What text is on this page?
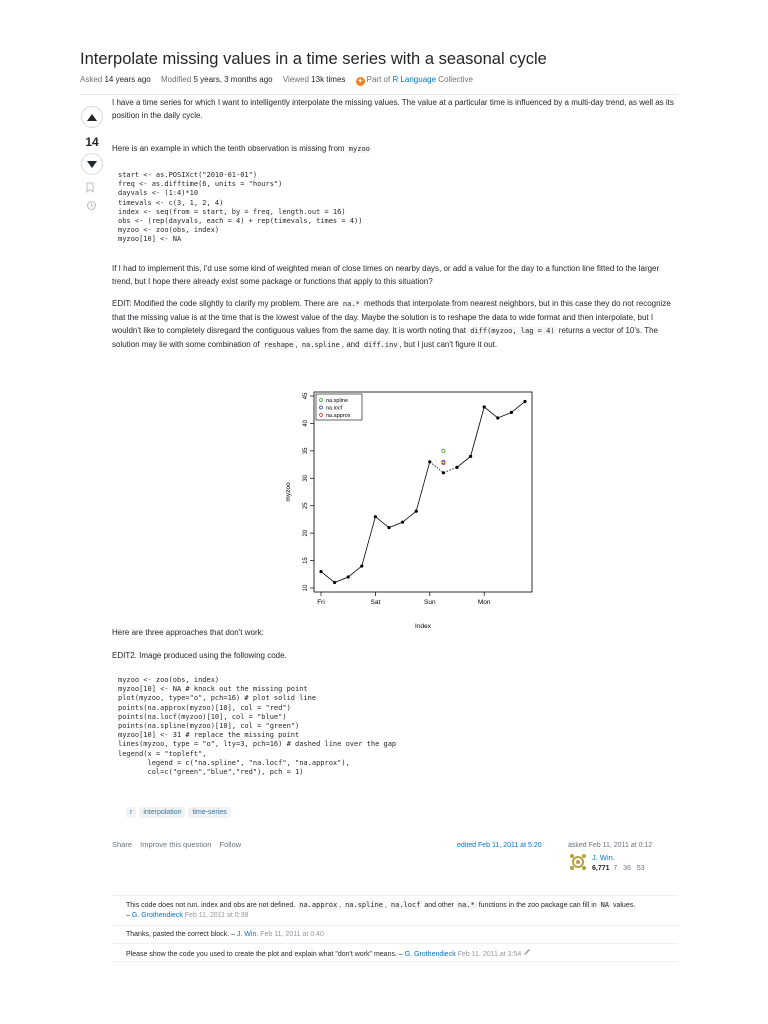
Interpolate missing values in a time series with a seasonal cycle
Asked 14 years ago Modified 5 years, 3 months ago Viewed 13k times ✦ Part of R Language Collective
14

I have a time series for which I want to intelligently interpolate the missing values. The value at a particular time is influenced by a multi-day trend, as well as its position in the daily cycle.

Here is an example in which the tenth observation is missing from myzoo

start <- as.POSIXct("2010-01-01")
freq <- as.difftime(6, units = "hours")
dayvals <- (1:4)*10
timevals <- c(3, 1, 2, 4)
index <- seq(from = start, by = freq, length.out = 16)
obs <- (rep(dayvals, each = 4) + rep(timevals, times = 4))
myzoo <- zoo(obs, index)
myzoo[10] <- NA

If I had to implement this, I'd use some kind of weighted mean of close times on nearby days, or add a value for the day to a function line fitted to the larger trend, but I hope there already exist some package or functions that apply to this situation?

EDIT: Modified the code slightly to clarify my problem. There are na.* methods that interpolate from nearest neighbors, but in this case they do not recognize that the missing value is at the time that is the lowest value of the day. Maybe the solution is to reshape the data to wide format and then interpolate, but I wouldn't like to completely disregard the contiguous values from the same day. It is worth noting that diff(myzoo, lag = 4) returns a vector of 10's. The solution may lie with some combination of reshape , na.spline , and diff.inv , but I just can't figure it out.

10
15
20
25
30
35
40
45
Fri	Sat	Sun	Mon
Index
myzoo
na.spline
na.locf
na.approx

Here are three approaches that don't work:

EDIT2. Image produced using the following code.

myzoo <- zoo(obs, index)
myzoo[10] <- NA # knock out the missing point
plot(myzoo, type="o", pch=16) # plot solid line
points(na.approx(myzoo)[10], col = "red")
points(na.locf(myzoo)[10], col = "blue")
points(na.spline(myzoo)[10], col = "green")
myzoo[10] <- 31 # replace the missing point
lines(myzoo, type = "o", lty=3, pch=16) # dashed line over the gap
legend(x = "topleft",
legend = c("na.spline", "na.locf", "na.approx"),
col=c("green","blue","red"), pch = 1)
r interpolation time-series
Share Improve this question Follow	edited Feb 11, 2011 at 5:20	asked Feb 11, 2011 at 0:12
J. Win.
6,771 7 36 53
This code does not run. index and obs are not defined. na.approx , na.spline , na.locf and other na.* functions in the zoo package can fill in NA values.
– G. Grothendieck Feb 11, 2011 at 0:38
Thanks, pasted the correct block. – J. Win. Feb 11, 2011 at 0:40
Please show the code you used to create the plot and explain what "don't work" means. – G. Grothendieck Feb 11, 2011 at 3:54
